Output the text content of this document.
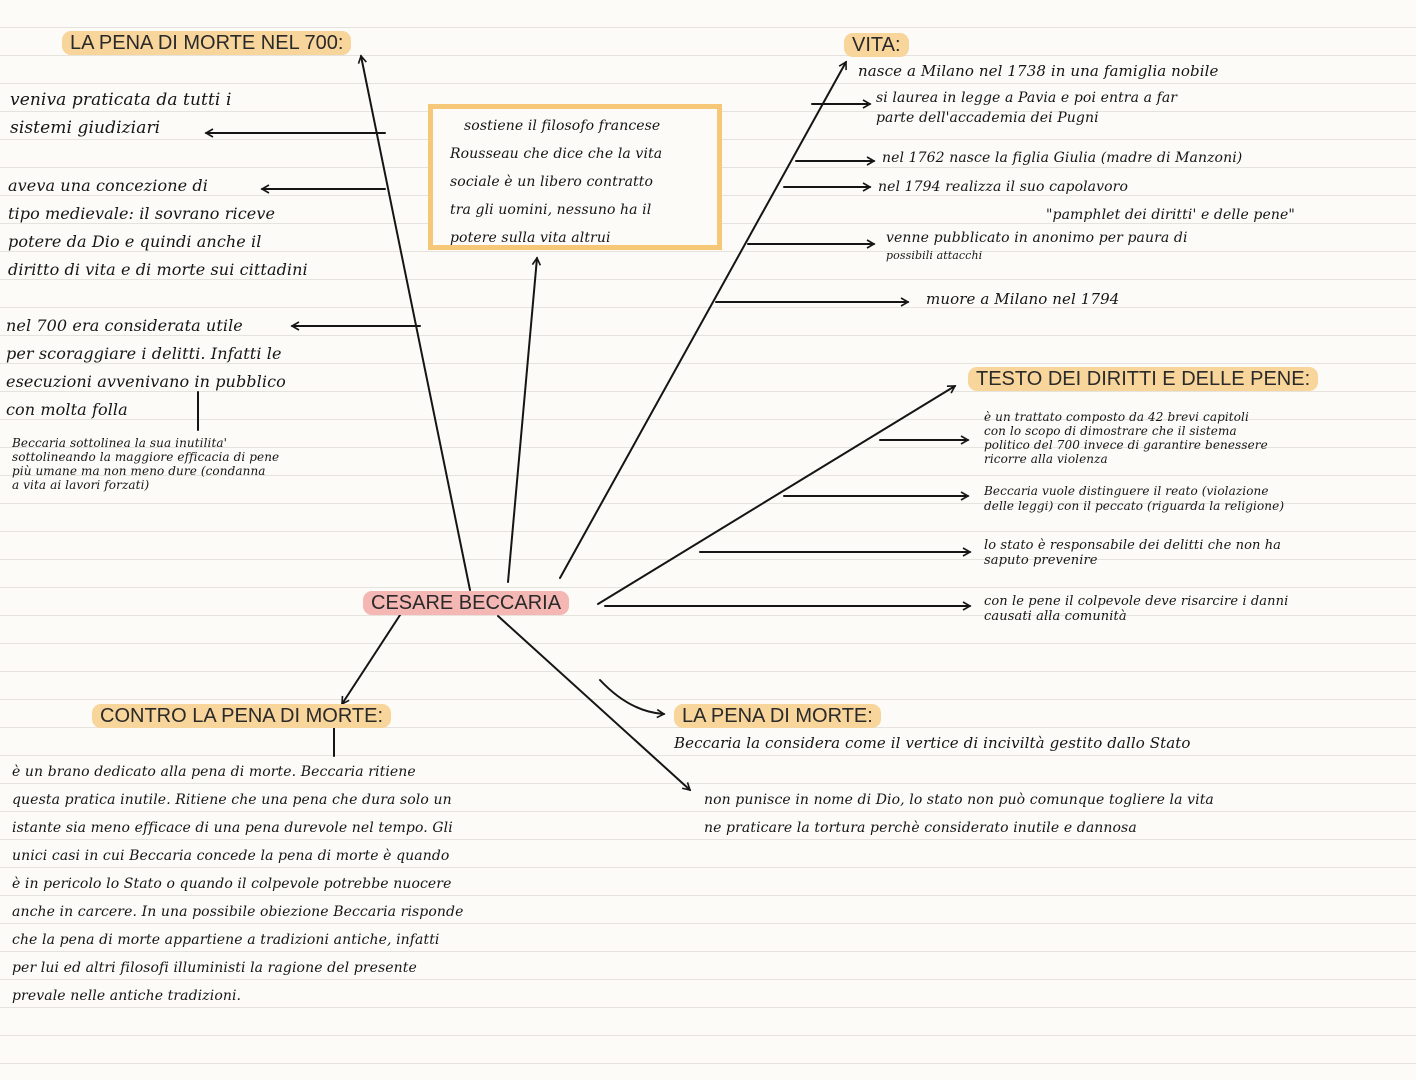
LA PENA DI MORTE NEL 700:	VITA:
TESTO DEI DIRITTI E DELLE PENE:
CESARE BECCARIA
CONTRO LA PENA DI MORTE:	LA PENA DI MORTE:
veniva praticata da tutti i
sistemi giudiziari
aveva una concezione di
tipo medievale: il sovrano riceve
potere da Dio e quindi anche il
diritto di vita e di morte sui cittadini
nel 700 era considerata utile
per scoraggiare i delitti. Infatti le
esecuzioni avvenivano in pubblico
con molta folla
Beccaria sottolinea la sua inutilita'
sottolineando la maggiore efficacia di pene
più umane ma non meno dure (condanna
a vita ai lavori forzati)
sostiene il filosofo francese
Rousseau che dice che la vita
sociale è un libero contratto
tra gli uomini, nessuno ha il
potere sulla vita altrui
nasce a Milano nel 1738 in una famiglia nobile
si laurea in legge a Pavia e poi entra a far
parte dell'accademia dei Pugni
nel 1762 nasce la figlia Giulia (madre di Manzoni)
nel 1794 realizza il suo capolavoro
"pamphlet dei diritti' e delle pene"
venne pubblicato in anonimo per paura di
possibili attacchi
muore a Milano nel 1794
è un trattato composto da 42 brevi capitoli
con lo scopo di dimostrare che il sistema
politico del 700 invece di garantire benessere
ricorre alla violenza
Beccaria vuole distinguere il reato (violazione
delle leggi) con il peccato (riguarda la religione)
lo stato è responsabile dei delitti che non ha
saputo prevenire
con le pene il colpevole deve risarcire i danni
causati alla comunità
è un brano dedicato alla pena di morte. Beccaria ritiene
questa pratica inutile. Ritiene che una pena che dura solo un
istante sia meno efficace di una pena durevole nel tempo. Gli
unici casi in cui Beccaria concede la pena di morte è quando
è in pericolo lo Stato o quando il colpevole potrebbe nuocere
anche in carcere. In una possibile obiezione Beccaria risponde
che la pena di morte appartiene a tradizioni antiche, infatti
per lui ed altri filosofi illuministi la ragione del presente
prevale nelle antiche tradizioni.
Beccaria la considera come il vertice di inciviltà gestito dallo Stato
non punisce in nome di Dio, lo stato non può comunque togliere la vita
ne praticare la tortura perchè considerato inutile e dannosa
